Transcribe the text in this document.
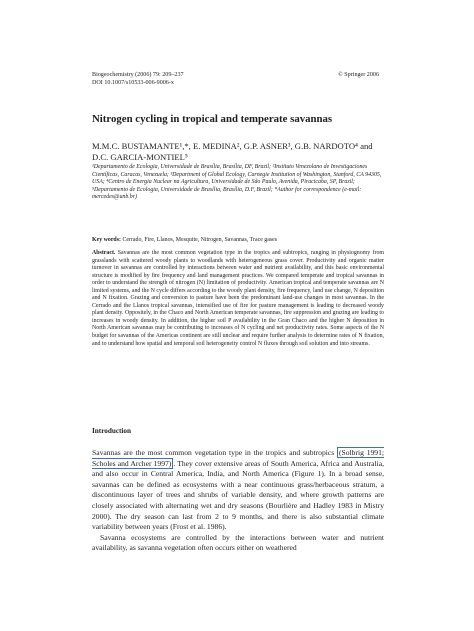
Biogeochemistry (2006) 79: 209–237
DOI 10.1007/s10533-006-9006-x
© Springer 2006
Nitrogen cycling in tropical and temperate savannas
M.M.C. BUSTAMANTE¹,*, E. MEDINA², G.P. ASNER³, G.B. NARDOTO⁴ and D.C. GARCIA-MONTIEL⁵
¹Departamento de Ecologia, Universidade de Brasília, Brasília, DF, Brazil; ²Instituto Venezolano de Investigaciones Científicas, Caracas, Venezuela; ³Department of Global Ecology, Carnegie Institution of Washington, Stanford, CA 94305, USA; ⁴Centro de Energia Nuclear na Agricultura, Universidade de São Paulo, Avenida, Piracicaba, SP, Brazil; ⁵Departamento de Ecologia, Universidade de Brasília, Brasília, D.F, Brazil; *Author for correspondence (e-mail: mercedes@unb.br)
Key words: Cerrado, Fire, Llanos, Mesquite, Nitrogen, Savannas, Trace gases
Abstract. Savannas are the most common vegetation type in the tropics and subtropics, ranging in physiognomy from grasslands with scattered woody plants to woodlands with heterogeneous grass cover. Productivity and organic matter turnover in savannas are controlled by interactions between water and nutrient availability, and this basic environmental structure is modified by fire frequency and land management practices. We compared temperate and tropical savannas in order to understand the strength of nitrogen (N) limitation of productivity. American tropical and temperate savannas are N limited systems, and the N cycle differs according to the woody plant density, fire frequency, land use change, N deposition and N fixation. Grazing and conversion to pasture have been the predominant land-use changes in most savannas. In the Cerrado and the Llanos tropical savannas, intensified use of fire for pasture management is leading to decreased woody plant density. Oppositely, in the Chaco and North American temperate savannas, fire suppression and grazing are leading to increases in woody density. In addition, the higher soil P availability in the Gran Chaco and the higher N deposition in North American savannas may be contributing to increases of N cycling and net productivity rates. Some aspects of the N budget for savannas of the Americas continent are still unclear and require further analysis to determine rates of N fixation, and to understand how spatial and temporal soil heterogeneity control N fluxes through soil solution and into streams.
Introduction

Savannas are the most common vegetation type in the tropics and subtropics (Solbrig 1991; Scholes and Archer 1997) . They cover extensive areas of South America, Africa and Australia, and also occur in Central America, India, and North America (Figure 1). In a broad sense, savannas can be defined as ecosystems with a near continuous grass/herbaceous stratum, a discontinuous layer of trees and shrubs of variable density, and where growth patterns are closely associated with alternating wet and dry seasons (Bourlière and Hadley 1983 in Mistry 2000). The dry season can last from 2 to 9 months, and there is also substantial climate variability between years (Frost et al. 1986).

Savanna ecosystems are controlled by the interactions between water and nutrient availability, as savanna vegetation often occurs either on weathered
